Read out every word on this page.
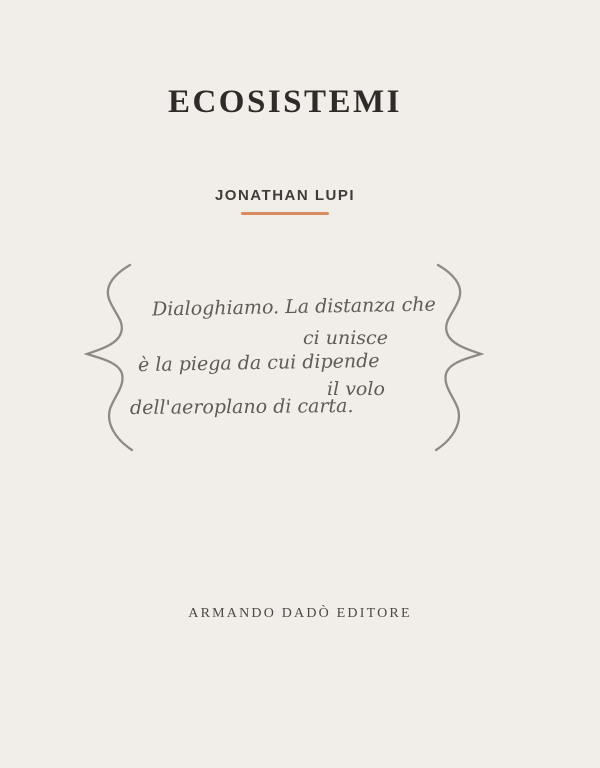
ECOSISTEMI
JONATHAN LUPI
Dialoghiamo. La distanza che
ci unisce
è la piega da cui dipende
il volo
dell'aeroplano di carta.
ARMANDO DADÒ EDITORE
